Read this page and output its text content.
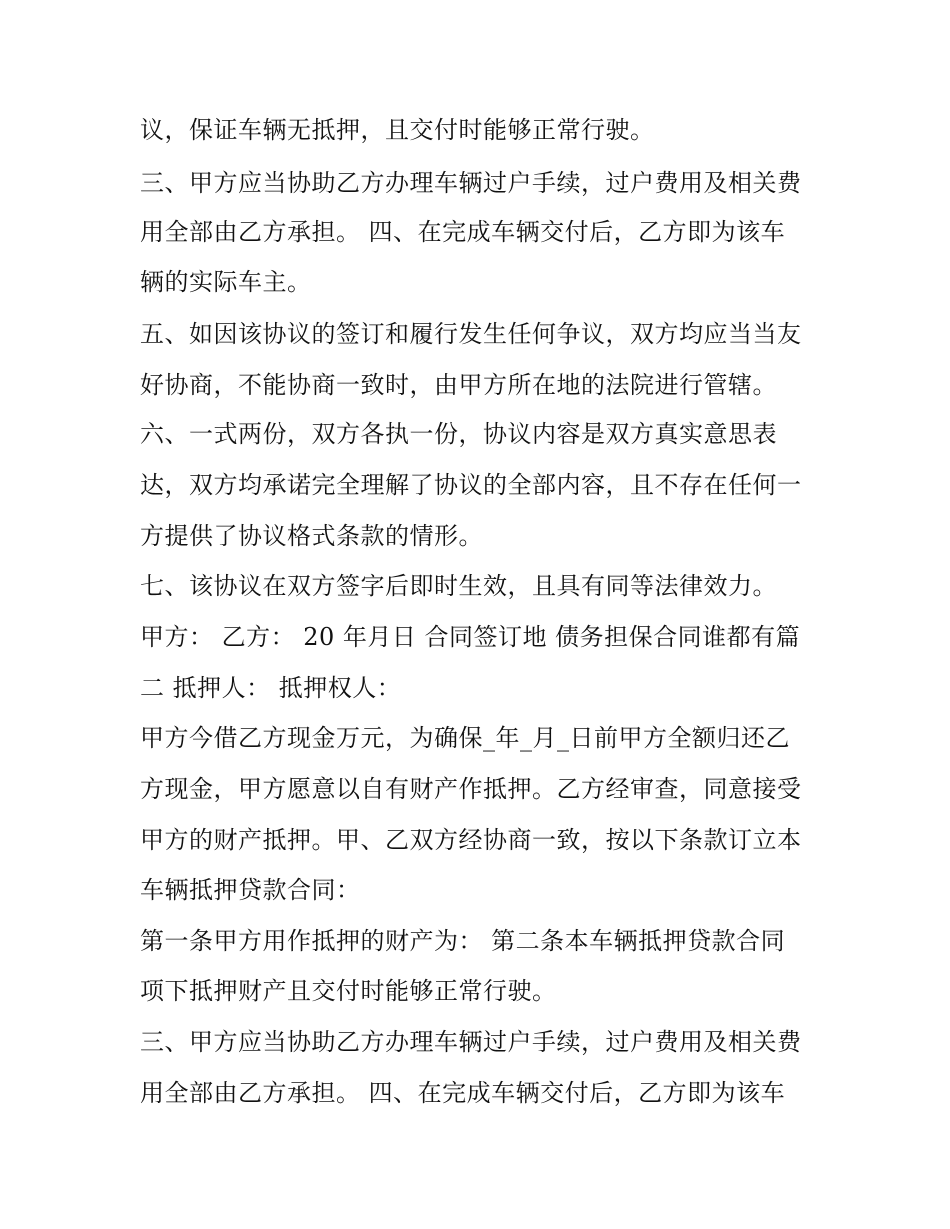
议，保证车辆无抵押，且交付时能够正常行驶。
三、甲方应当协助乙方办理车辆过户手续，过户费用及相关费
用全部由乙方承担。 四、在完成车辆交付后，乙方即为该车
辆的实际车主。
五、如因该协议的签订和履行发生任何争议，双方均应当当友
好协商，不能协商一致时，由甲方所在地的法院进行管辖。
六、一式两份，双方各执一份，协议内容是双方真实意思表
达，双方均承诺完全理解了协议的全部内容，且不存在任何一
方提供了协议格式条款的情形。
七、该协议在双方签字后即时生效，且具有同等法律效力。
甲方： 乙方： 20 年月日 合同签订地 债务担保合同谁都有篇
二 抵押人： 抵押权人：
甲方今借乙方现金万元，为确保_年_月_日前甲方全额归还乙
方现金，甲方愿意以自有财产作抵押。乙方经审查，同意接受
甲方的财产抵押。甲、乙双方经协商一致，按以下条款订立本
车辆抵押贷款合同：
第一条甲方用作抵押的财产为： 第二条本车辆抵押贷款合同
项下抵押财产且交付时能够正常行驶。
三、甲方应当协助乙方办理车辆过户手续，过户费用及相关费
用全部由乙方承担。 四、在完成车辆交付后，乙方即为该车
